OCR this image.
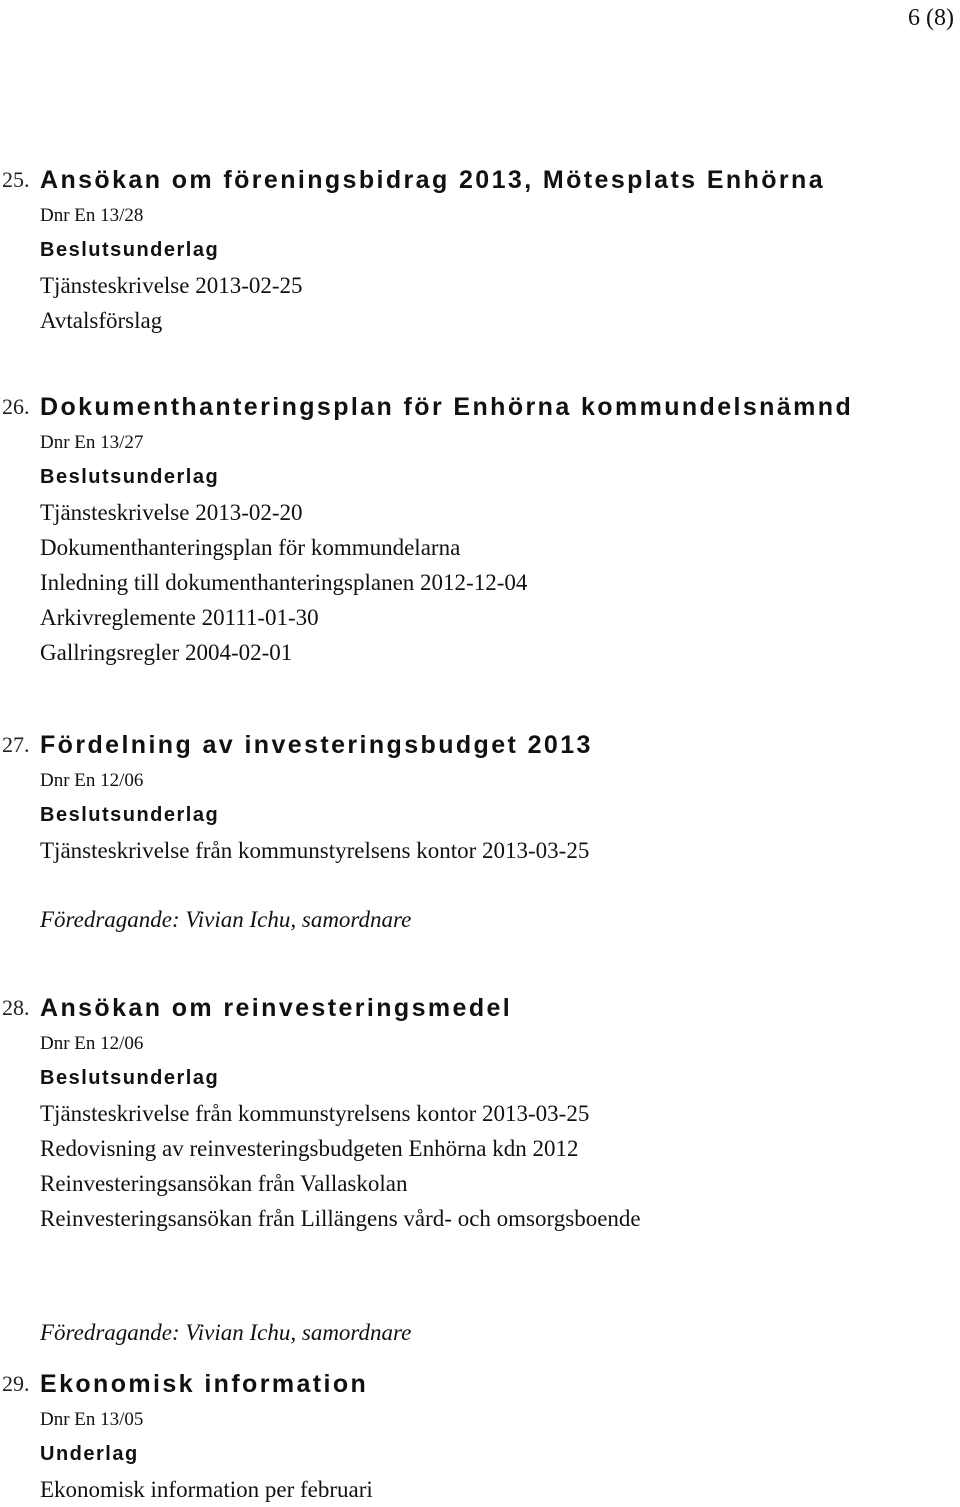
6 (8)
25. Ansökan om föreningsbidrag 2013, Mötesplats Enhörna
Dnr En 13/28
Beslutsunderlag
Tjänsteskrivelse 2013-02-25
Avtalsförslag
26. Dokumenthanteringsplan för Enhörna kommundelsnämnd
Dnr En 13/27
Beslutsunderlag
Tjänsteskrivelse 2013-02-20
Dokumenthanteringsplan för kommundelarna
Inledning till dokumenthanteringsplanen 2012-12-04
Arkivreglemente 20111-01-30
Gallringsregler 2004-02-01
27. Fördelning av investeringsbudget 2013
Dnr En 12/06
Beslutsunderlag
Tjänsteskrivelse från kommunstyrelsens kontor 2013-03-25
Föredragande: Vivian Ichu, samordnare
28. Ansökan om reinvesteringsmedel
Dnr En 12/06
Beslutsunderlag
Tjänsteskrivelse från kommunstyrelsens kontor 2013-03-25
Redovisning av reinvesteringsbudgeten Enhörna kdn 2012
Reinvesteringsansökan från Vallaskolan
Reinvesteringsansökan från Lillängens vård- och omsorgsboende
Föredragande: Vivian Ichu, samordnare
29. Ekonomisk information
Dnr En 13/05
Underlag
Ekonomisk information per februari
